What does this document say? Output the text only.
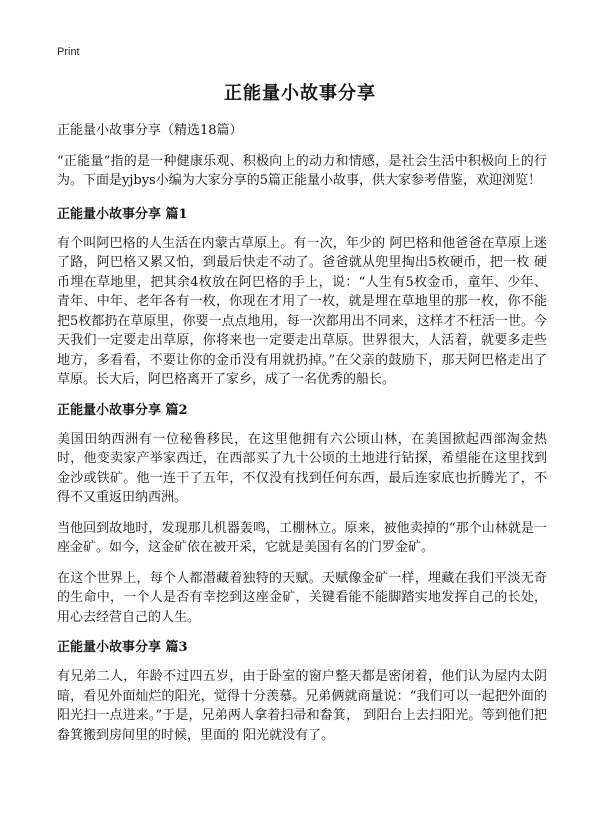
Print
正能量小故事分享

正能量小故事分享（精选18篇）

“正能量”指的是一种健康乐观、积极向上的动力和情感，是社会生活中积极向上的行为。下面是yjbys小编为大家分享的5篇正能量小故事，供大家参考借鉴，欢迎浏览！

正能量小故事分享 篇1

有个叫阿巴格的人生活在内蒙古草原上。有一次，年少的 阿巴格和他爸爸在草原上迷了路，阿巴格又累又怕，到最后快走不动了。爸爸就从兜里掏出5枚硬币，把一枚 硬币埋在草地里，把其余4枚放在阿巴格的手上，说：“人生有5枚金币，童年、少年、青年、中年、老年各有一枚，你现在才用了一枚，就是埋在草地里的那一枚，你不能把5枚都扔在草原里，你要一点点地用，每一次都用出不同来，这样才不枉活一世。今天我们一定要走出草原，你将来也一定要走出草原。世界很大，人活着，就要多走些地方，多看看，不要让你的金币没有用就扔掉。”在父亲的鼓励下，那天阿巴格走出了草原。长大后，阿巴格离开了家乡，成了一名优秀的船长。

正能量小故事分享 篇2

美国田纳西洲有一位秘鲁移民，在这里他拥有六公顷山林，在美国掀起西部淘金热时，他变卖家产举家西迁，在西部买了九十公顷的土地进行钻探，希望能在这里找到金沙或铁矿。他一连干了五年，不仅没有找到任何东西，最后连家底也折腾光了，不得不又重返田纳西洲。

当他回到故地时，发现那儿机器轰鸣，工棚林立。原来，被他卖掉的“那个山林就是一座金矿。如今，这金矿依在被开采，它就是美国有名的门罗金矿。

在这个世界上，每个人都潜藏着独特的天赋。天赋像金矿一样，埋藏在我们平淡无奇的生命中，一个人是否有幸挖到这座金矿，关键看能不能脚踏实地发挥自己的长处，用心去经营自己的人生。

正能量小故事分享 篇3

有兄弟二人，年龄不过四五岁，由于卧室的窗户整天都是密闭着，他们认为屋内太阴暗，看见外面灿烂的阳光，觉得十分羡慕。兄弟俩就商量说：“我们可以一起把外面的阳光扫一点进来。”于是，兄弟两人拿着扫帚和畚箕， 到阳台上去扫阳光。等到他们把畚箕搬到房间里的时候，里面的 阳光就没有了。
